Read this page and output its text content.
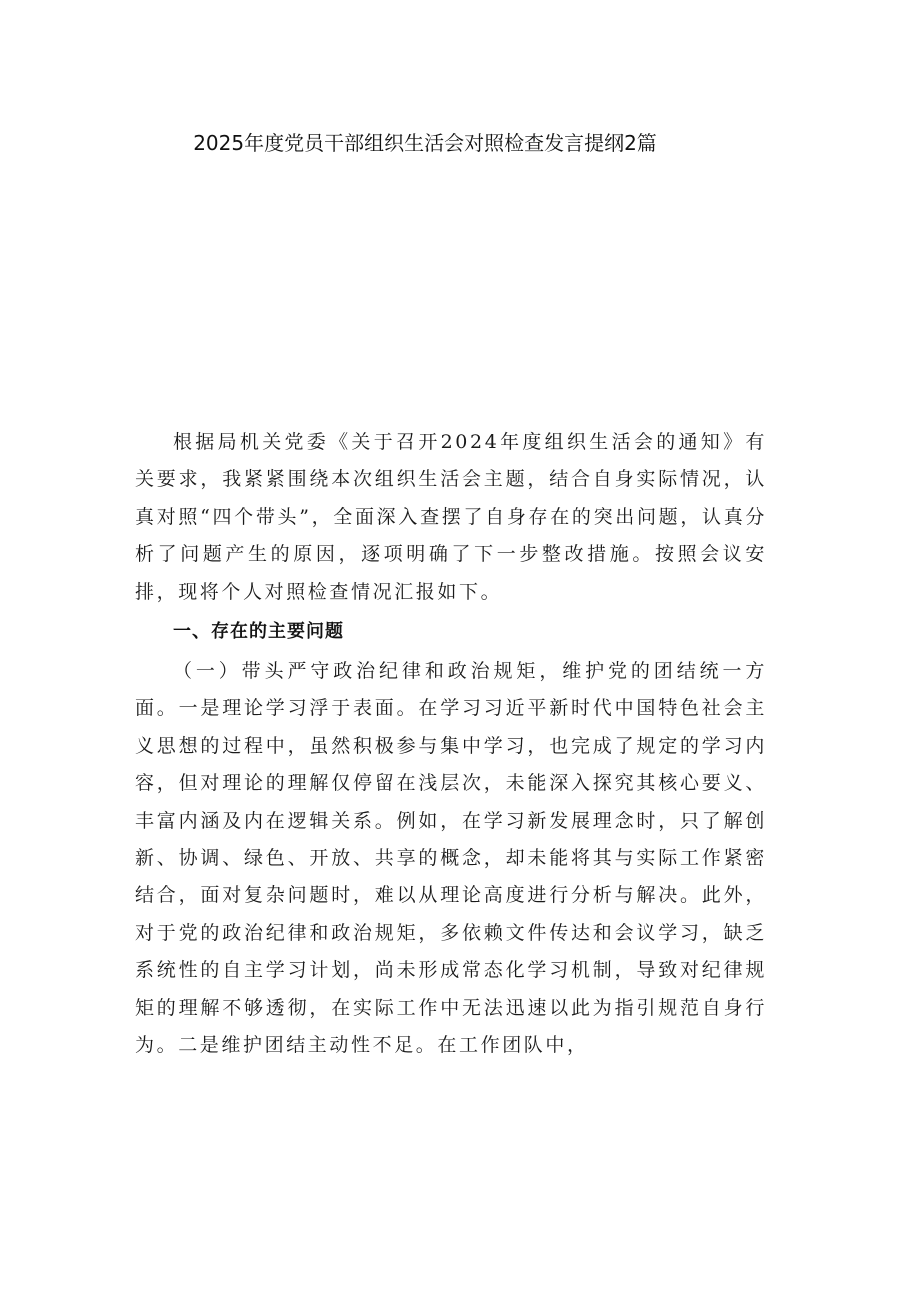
2025年度党员干部组织生活会对照检查发言提纲2篇

根据局机关党委《关于召开2024年度组织生活会的通知》有关要求，我紧紧围绕本次组织生活会主题，结合自身实际情况，认真对照“四个带头”，全面深入查摆了自身存在的突出问题，认真分析了问题产生的原因，逐项明确了下一步整改措施。按照会议安排，现将个人对照检查情况汇报如下。

一、存在的主要问题

（一）带头严守政治纪律和政治规矩，维护党的团结统一方面。一是理论学习浮于表面。在学习习近平新时代中国特色社会主义思想的过程中，虽然积极参与集中学习，也完成了规定的学习内容，但对理论的理解仅停留在浅层次，未能深入探究其核心要义、丰富内涵及内在逻辑关系。例如，在学习新发展理念时，只了解创新、协调、绿色、开放、共享的概念，却未能将其与实际工作紧密结合，面对复杂问题时，难以从理论高度进行分析与解决。此外，对于党的政治纪律和政治规矩，多依赖文件传达和会议学习，缺乏系统性的自主学习计划，尚未形成常态化学习机制，导致对纪律规矩的理解不够透彻，在实际工作中无法迅速以此为指引规范自身行为。二是维护团结主动性不足。在工作团队中，
